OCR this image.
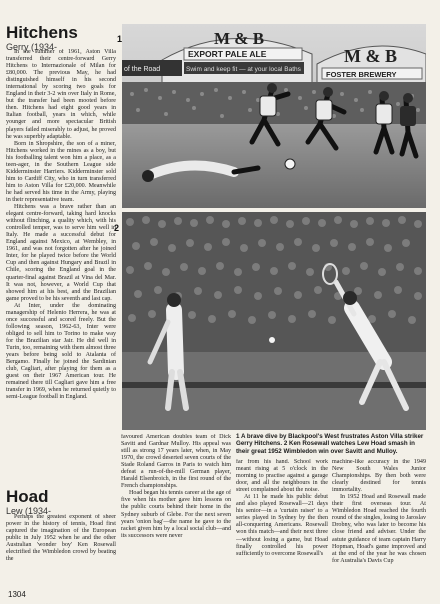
Hitchens
Gerry (1934-

In the summer of 1961, Aston Villa transferred their centre-forward Gerry Hitchens to Internazionale of Milan for £80,000. The previous May, he had distinguished himself in his second international by scoring two goals for England in their 3-2 win over Italy in Rome, but the transfer had been mooted before then. Hitchens had eight good years in Italian football, years in which, while younger and more spectacular British players failed miserably to adjust, he proved he was superbly adaptable.

Born in Shropshire, the son of a miner, Hitchens worked in the mines as a boy, but his footballing talent won him a place, as a teen-ager, in the Southern League side Kidderminster Harriers. Kidderminster sold him to Cardiff City, who in turn transferred him to Aston Villa for £20,000. Meanwhile he had served his time in the Army, playing in their representative team.

Hitchens was a brave rather than an elegant centre-forward, taking hard knocks without flinching, a quality which, with his controlled temper, was to serve him well in Italy. He made a successful debut for England against Mexico, at Wembley, in 1961, and was not forgotten after he joined Inter, for he played twice before the World Cup and then against Hungary and Brazil in Chile, scoring the England goal in the quarter-final against Brazil at Vina del Mar. It was not, however, a World Cup that showed him at his best, and the Brazilian game proved to be his seventh and last cap.

At Inter, under the dominating managership of Helenio Herrera, he was at once successful and scored freely. But the following season, 1962-63, Inter were obliged to sell him to Torino to make way for the Brazilian star Jair. He did well in Turin, too, remaining with them almost three years before being sold to Atalanta of Bergamo. Finally he joined the Sardinian club, Cagliari, after playing for them as a guest on their 1967 American tour. He remained there till Cagliari gave him a free transfer in 1969, when he returned quietly to semi-League football in England.

1
of the Road
M & B
EXPORT PALE ALE
Swim and keep fit — at your local Baths
M & B
FOSTER BREWERY
2
Hoad
Lew (1934-

Perhaps the greatest exponent of sheer power in the history of tennis, Hoad first captured the imagination of the European public in July 1952 when he and the other Australian 'wonder boy' Ken Rosewall electrified the Wimbledon crowd by beating the

favoured American doubles team of Dick Savitt and Gardnar Mulloy. His appeal was still as strong 17 years later, when, in May 1970, the crowd deserted seven courts of the Stade Roland Garros in Paris to watch him defeat a run-of-the-mill German player, Harald Elsenbroich, in the first round of the French championships.

Hoad began his tennis career at the age of five when his mother gave him lessons on the public courts behind their home in the Sydney suburb of Glebe. For the next seven years 'onion bag'—the name he gave to the racket given him by a local social club—and its successors were never

1 A brave dive by Blackpool's West frustrates Aston Villa striker Gerry Hitchens. 2 Ken Rosewall watches Lew Hoad smash in their great 1952 Wimbledon win over Savitt and Mulloy.

far from his hand. School work meant rising at 5 o'clock in the morning to practise against a garage door, and all the neighbours in the street complained about the noise.

At 11 he made his public debut and also played Rosewall—21 days his senior—in a 'curtain raiser' to a series played in Sydney by the then all-conquering Americans. Rosewall won this match—and their next three—without losing a game, but Hoad finally controlled his power sufficiently to overcome Rosewall's

machine-like accuracy in the 1949 New South Wales Junior Championships. By then both were clearly destined for tennis immortality.

In 1952 Hoad and Rosewall made their first overseas tour. At Wimbledon Hoad reached the fourth round of the singles, losing to Jaroslav Drobny, who was later to become his close friend and adviser. Under the astute guidance of team captain Harry Hopman, Hoad's game improved and at the end of the year he was chosen for Australia's Davis Cup

1304
